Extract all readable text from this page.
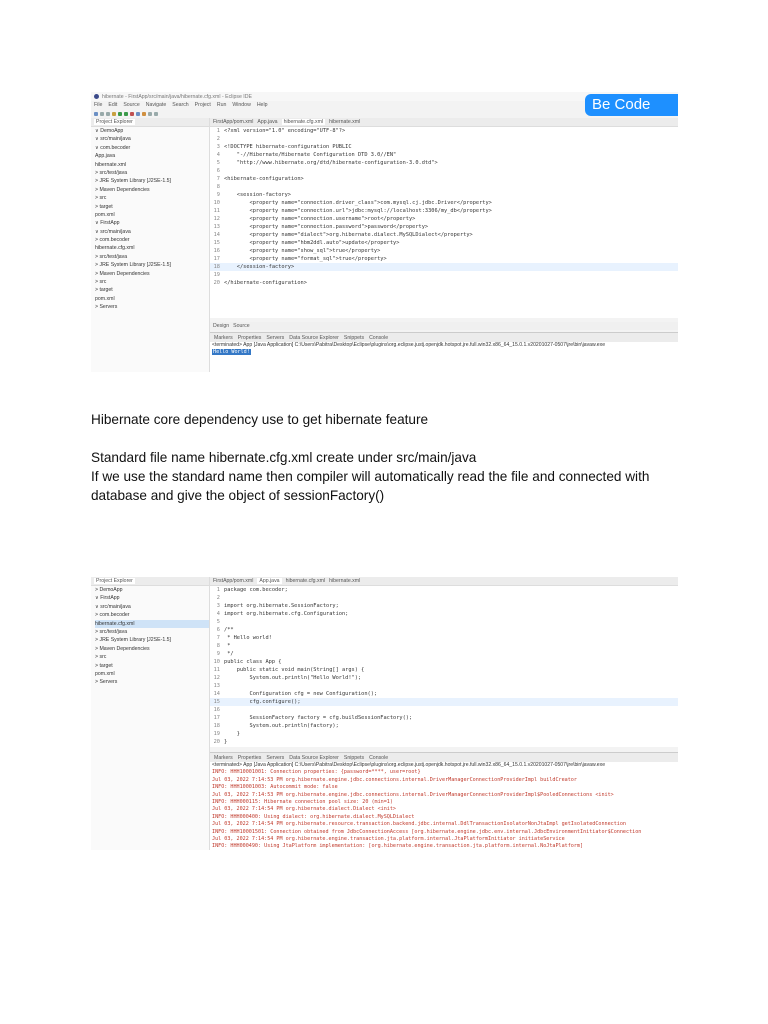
hibernate - FirstApp/src/main/java/hibernate.cfg.xml - Eclipse IDE	Be Code
File Edit Source Navigate Search Project Run Window Help
Project Explorer
∨ DemoApp
∨ src/main/java
∨ com.becoder
App.java
hibernate.xml
> src/test/java
> JRE System Library [J2SE-1.5]
> Maven Dependencies
> src
> target
pom.xml
∨ FirstApp
∨ src/main/java
> com.becoder
hibernate.cfg.xml
> src/test/java
> JRE System Library [J2SE-1.5]
> Maven Dependencies
> src
> target
pom.xml
> Servers
FirstApp/pom.xml App.java	hibernate.cfg.xml	hibernate.xml
1 <?xml version="1.0" encoding="UTF-8"?>
2
3 <!DOCTYPE hibernate-configuration PUBLIC
4    "-//Hibernate/Hibernate Configuration DTD 3.0//EN"
5    "http://www.hibernate.org/dtd/hibernate-configuration-3.0.dtd">
6
7 <hibernate-configuration>
8
9    <session-factory>
10        <property name="connection.driver_class">com.mysql.cj.jdbc.Driver</property>
11        <property name="connection.url">jdbc:mysql://localhost:3306/my_db</property>
12        <property name="connection.username">root</property>
13        <property name="connection.password">password</property>
14        <property name="dialect">org.hibernate.dialect.MySQLDialect</property>
15        <property name="hbm2ddl.auto">update</property>
16        <property name="show_sql">true</property>
17        <property name="format_sql">true</property>
18    </session-factory>
19
20 </hibernate-configuration>
Design Source
Markers Properties Servers Data Source Explorer Snippets Console
<terminated> App [Java Application] C:\Users\Pabitra\Desktop\Eclipse\plugins\org.eclipse.justj.openjdk.hotspot.jre.full.win32.x86_64_15.0.1.v20201027-0507\jre\bin\javaw.exe
Hello World!
Hibernate core dependency use to get hibernate feature
Standard file name hibernate.cfg.xml create under src/main/java
If we use the standard name then compiler will automatically read the file and connected with
database and give the object of sessionFactory()
Project Explorer
> DemoApp
∨ FirstApp
∨ src/main/java
> com.becoder
hibernate.cfg.xml
> src/test/java
> JRE System Library [J2SE-1.5]
> Maven Dependencies
> src
> target
pom.xml
> Servers
FirstApp/pom.xml	App.java	hibernate.cfg.xml hibernate.xml
1 package com.becoder;
2
3 import org.hibernate.SessionFactory;
4 import org.hibernate.cfg.Configuration;
5
6 /**
7 * Hello world!
8 *
9 */
10 public class App {
11    public static void main(String[] args) {
12        System.out.println("Hello World!");
13
14        Configuration cfg = new Configuration();
15        cfg.configure();
16
17        SessionFactory factory = cfg.buildSessionFactory();
18        System.out.println(factory);
19    }
20 }
Markers Properties Servers Data Source Explorer Snippets Console
<terminated> App [Java Application] C:\Users\Pabitra\Desktop\Eclipse\plugins\org.eclipse.justj.openjdk.hotspot.jre.full.win32.x86_64_15.0.1.v20201027-0507\jre\bin\javaw.exe
INFO: HHH10001001: Connection properties: {password=****, user=root}
Jul 03, 2022 7:14:53 PM org.hibernate.engine.jdbc.connections.internal.DriverManagerConnectionProviderImpl buildCreator
INFO: HHH10001003: Autocommit mode: false
Jul 03, 2022 7:14:53 PM org.hibernate.engine.jdbc.connections.internal.DriverManagerConnectionProviderImpl$PooledConnections <init>
INFO: HHH000115: Hibernate connection pool size: 20 (min=1)
Jul 03, 2022 7:14:54 PM org.hibernate.dialect.Dialect <init>
INFO: HHH000400: Using dialect: org.hibernate.dialect.MySQLDialect
Jul 03, 2022 7:14:54 PM org.hibernate.resource.transaction.backend.jdbc.internal.DdlTransactionIsolatorNonJtaImpl getIsolatedConnection
INFO: HHH10001501: Connection obtained from JdbcConnectionAccess [org.hibernate.engine.jdbc.env.internal.JdbcEnvironmentInitiator$Connection
Jul 03, 2022 7:14:54 PM org.hibernate.engine.transaction.jta.platform.internal.JtaPlatformInitiator initiateService
INFO: HHH000490: Using JtaPlatform implementation: [org.hibernate.engine.transaction.jta.platform.internal.NoJtaPlatform]
